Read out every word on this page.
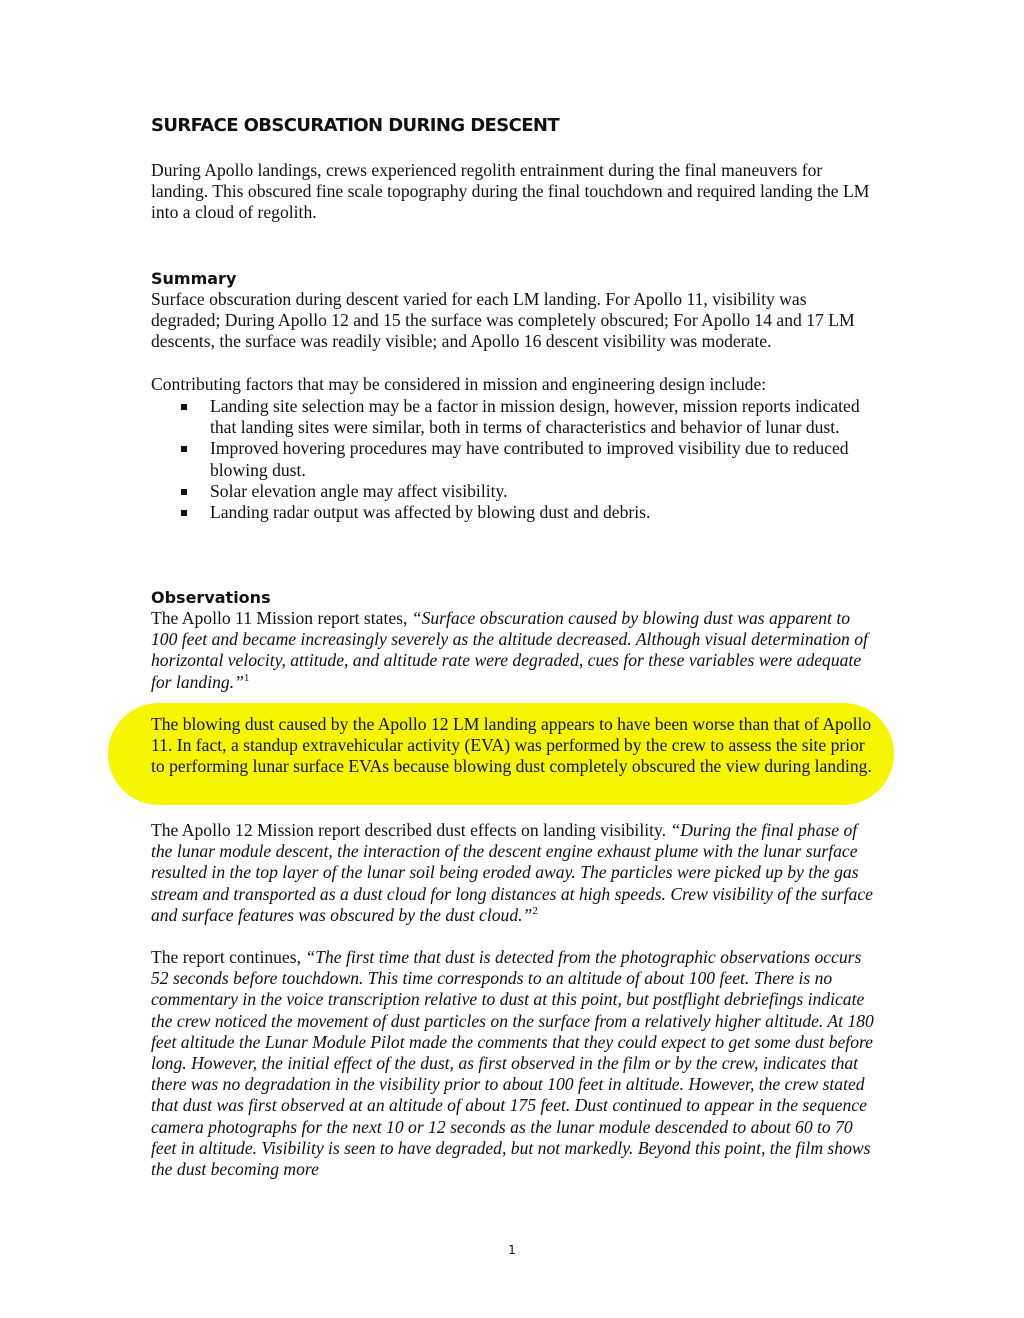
SURFACE OBSCURATION DURING DESCENT

During Apollo landings, crews experienced regolith entrainment during the final maneuvers for landing. This obscured fine scale topography during the final touchdown and required landing the LM into a cloud of regolith.

Summary

Surface obscuration during descent varied for each LM landing. For Apollo 11, visibility was degraded; During Apollo 12 and 15 the surface was completely obscured; For Apollo 14 and 17 LM descents, the surface was readily visible; and Apollo 16 descent visibility was moderate.

Contributing factors that may be considered in mission and engineering design include:

Landing site selection may be a factor in mission design, however, mission reports indicated that landing sites were similar, both in terms of characteristics and behavior of lunar dust.
Improved hovering procedures may have contributed to improved visibility due to reduced blowing dust.
Solar elevation angle may affect visibility.
Landing radar output was affected by blowing dust and debris.
Observations

The Apollo 11 Mission report states, “Surface obscuration caused by blowing dust was apparent to 100 feet and became increasingly severely as the altitude decreased. Although visual determination of horizontal velocity, attitude, and altitude rate were degraded, cues for these variables were adequate for landing.”$^1$

The blowing dust caused by the Apollo 12 LM landing appears to have been worse than that of Apollo 11. In fact, a standup extravehicular activity (EVA) was performed by the crew to assess the site prior to performing lunar surface EVAs because blowing dust completely obscured the view during landing.

The Apollo 12 Mission report described dust effects on landing visibility. “During the final phase of the lunar module descent, the interaction of the descent engine exhaust plume with the lunar surface resulted in the top layer of the lunar soil being eroded away. The particles were picked up by the gas stream and transported as a dust cloud for long distances at high speeds. Crew visibility of the surface and surface features was obscured by the dust cloud.”$^2$

The report continues, “The first time that dust is detected from the photographic observations occurs 52 seconds before touchdown. This time corresponds to an altitude of about 100 feet. There is no commentary in the voice transcription relative to dust at this point, but postflight debriefings indicate the crew noticed the movement of dust particles on the surface from a relatively higher altitude. At 180 feet altitude the Lunar Module Pilot made the comments that they could expect to get some dust before long. However, the initial effect of the dust, as first observed in the film or by the crew, indicates that there was no degradation in the visibility prior to about 100 feet in altitude. However, the crew stated that dust was first observed at an altitude of about 175 feet. Dust continued to appear in the sequence camera photographs for the next 10 or 12 seconds as the lunar module descended to about 60 to 70 feet in altitude. Visibility is seen to have degraded, but not markedly. Beyond this point, the film shows the dust becoming more

1
